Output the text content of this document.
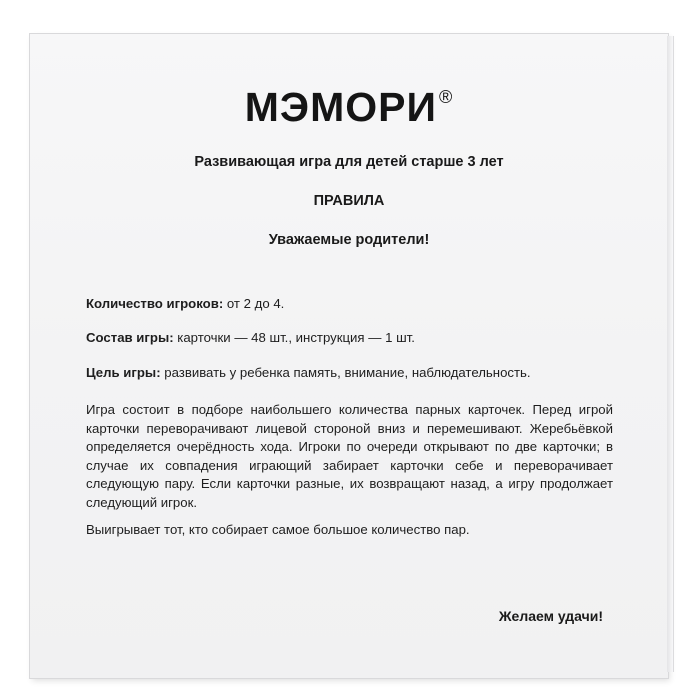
МЭМОРИ ®
Развивающая игра для детей старше 3 лет
ПРАВИЛА
Уважаемые родители!
Количество игроков: от 2 до 4.
Состав игры: карточки — 48 шт., инструкция — 1 шт.
Цель игры: развивать у ребенка память, внимание, наблюдательность.

Игра состоит в подборе наибольшего количества парных карточек. Перед игрой карточки переворачивают лицевой стороной вниз и перемешивают. Жеребьёвкой определяется очерёдность хода. Игроки по очереди открывают по две карточки; в случае их совпадения играющий забирает карточки себе и переворачивает следующую пару. Если карточки разные, их возвращают назад, а игру продолжает следующий игрок.

Выигрывает тот, кто собирает самое большое количество пар.
Желаем удачи!
